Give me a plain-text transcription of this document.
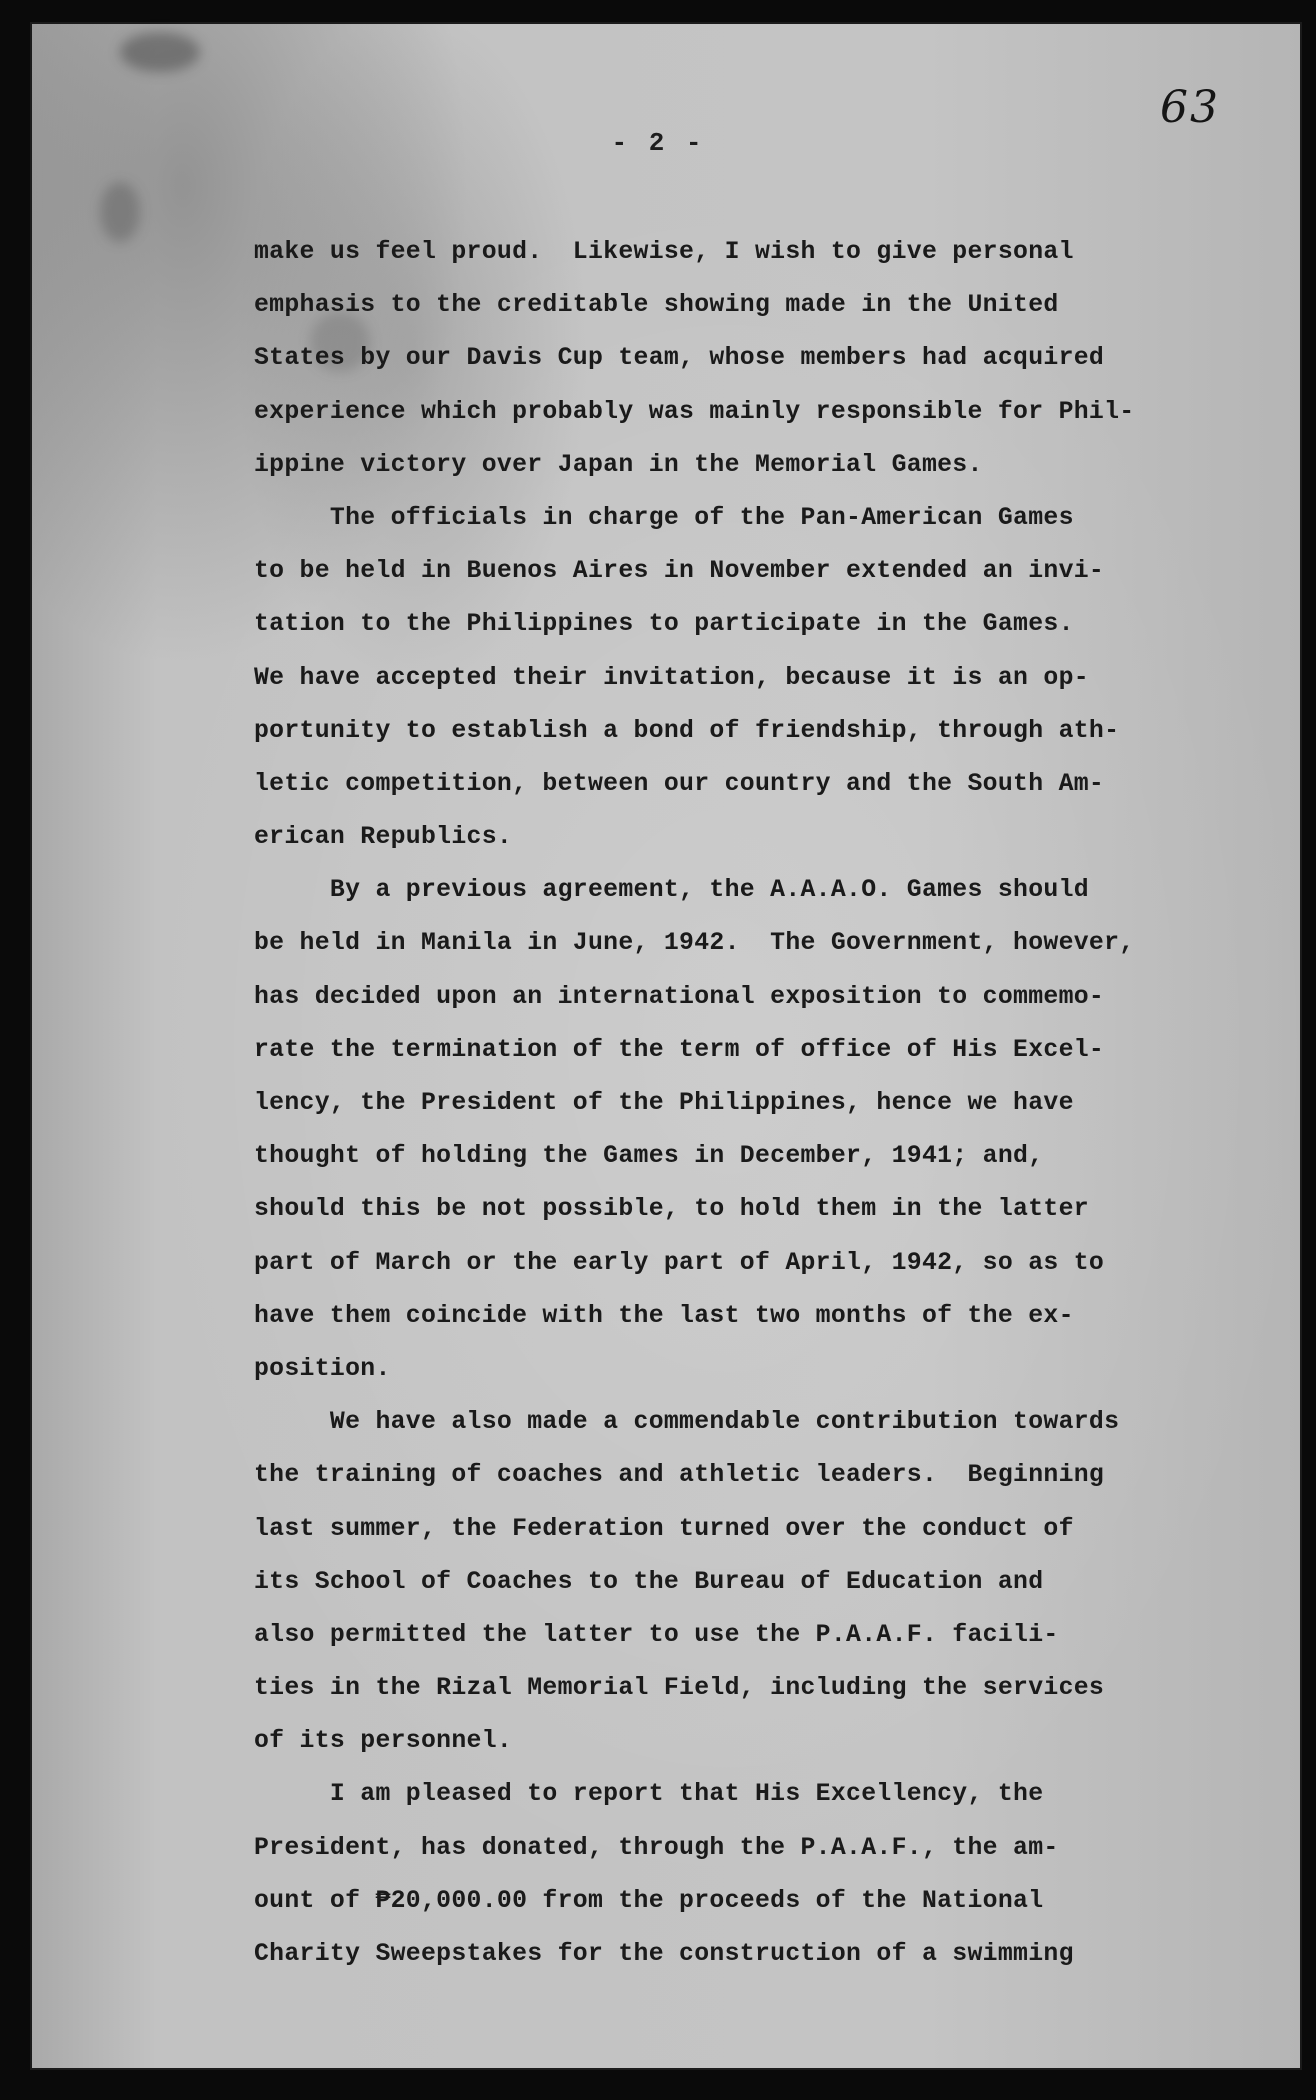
63
- 2 -
make us feel proud.  Likewise, I wish to give personal
emphasis to the creditable showing made in the United
States by our Davis Cup team, whose members had acquired
experience which probably was mainly responsible for Phil-
ippine victory over Japan in the Memorial Games.
The officials in charge of the Pan-American Games
to be held in Buenos Aires in November extended an invi-
tation to the Philippines to participate in the Games.
We have accepted their invitation, because it is an op-
portunity to establish a bond of friendship, through ath-
letic competition, between our country and the South Am-
erican Republics.
By a previous agreement, the A.A.A.O. Games should
be held in Manila in June, 1942.  The Government, however,
has decided upon an international exposition to commemo-
rate the termination of the term of office of His Excel-
lency, the President of the Philippines, hence we have
thought of holding the Games in December, 1941; and,
should this be not possible, to hold them in the latter
part of March or the early part of April, 1942, so as to
have them coincide with the last two months of the ex-
position.
We have also made a commendable contribution towards
the training of coaches and athletic leaders.  Beginning
last summer, the Federation turned over the conduct of
its School of Coaches to the Bureau of Education and
also permitted the latter to use the P.A.A.F. facili-
ties in the Rizal Memorial Field, including the services
of its personnel.
I am pleased to report that His Excellency, the
President, has donated, through the P.A.A.F., the am-
ount of ₱20,000.00 from the proceeds of the National
Charity Sweepstakes for the construction of a swimming
